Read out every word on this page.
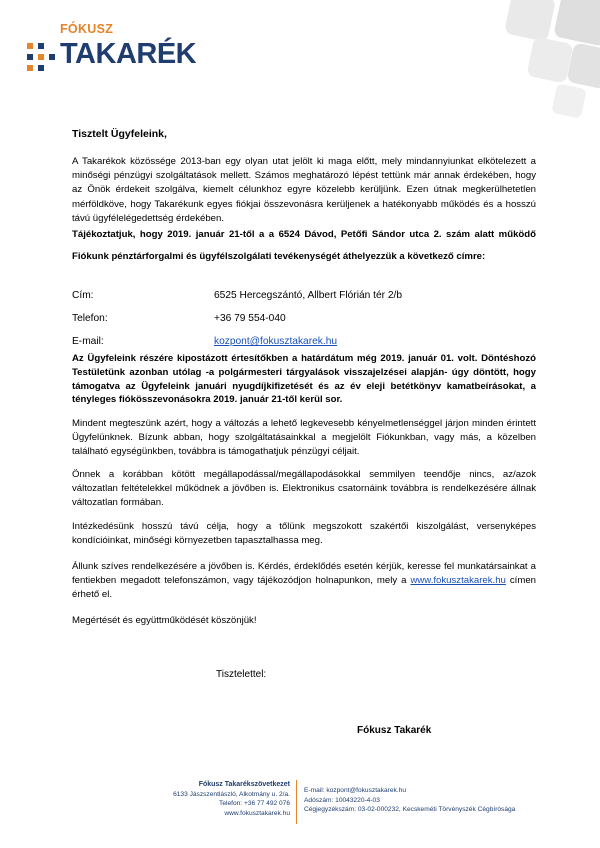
FÓKUSZ
TAKARÉK
Tisztelt Ügyfeleink,
A Takarékok közössége 2013-ban egy olyan utat jelölt ki maga előtt, mely mindannyiunkat elkötelezett a minőségi pénzügyi szolgáltatások mellett. Számos meghatározó lépést tettünk már annak érdekében, hogy az Önök érdekeit szolgálva, kiemelt célunkhoz egyre közelebb kerüljünk. Ezen útnak megkerülhetetlen mérföldköve, hogy Takarékunk egyes fiókjai összevonásra kerüljenek a hatékonyabb működés és a hosszú távú ügyfélelégedettség érdekében.
Tájékoztatjuk, hogy 2019. január 21-től a a 6524 Dávod, Petőfi Sándor utca 2. szám alatt működő Fiókunk pénztárforgalmi és ügyfélszolgálati tevékenységét áthelyezzük a következő címre:
Cím:	6525 Hercegszántó, Allbert Flórián tér 2/b
Telefon:	+36 79 554-040
E-mail:	kozpont@fokusztakarek.hu
Az Ügyfeleink részére kipostázott értesítőkben a határdátum még 2019. január 01. volt. Döntéshozó Testületünk azonban utólag -a polgármesteri tárgyalások visszajelzései alapján- úgy döntött, hogy támogatva az Ügyfeleink januári nyugdíjkifizetését és az év eleji betétkönyv kamatbeírásokat, a tényleges fiókösszevonásokra 2019. január 21-től kerül sor.
Mindent megteszünk azért, hogy a változás a lehető legkevesebb kényelmetlenséggel járjon minden érintett Ügyfelünknek. Bízunk abban, hogy szolgáltatásainkkal a megjelölt Fiókunkban, vagy más, a közelben található egységünkben, továbbra is támogathatjuk pénzügyi céljait.
Önnek a korábban kötött megállapodással/megállapodásokkal semmilyen teendője nincs, az/azok változatlan feltételekkel működnek a jövőben is. Elektronikus csatornáink továbbra is rendelkezésére állnak változatlan formában.
Intézkedésünk hosszú távú célja, hogy a tőlünk megszokott szakértői kiszolgálást, versenyképes kondícióinkat, minőségi környezetben tapasztalhassa meg.
Állunk szíves rendelkezésére a jövőben is. Kérdés, érdeklődés esetén kérjük, keresse fel munkatársainkat a fentiekben megadott telefonszámon, vagy tájékozódjon holnapunkon, mely a www.fokusztakarek.hu címen érhető el.
Megértését és együttműködését köszönjük!
Tisztelettel:
Fókusz Takarék
Fókusz Takarékszövetkezet
6133 Jászszentlászló, Alkotmány u. 2/a.
Telefon: +36 77 492 076
www.fokusztakarek.hu
E-mail: kozpont@fokusztakarek.hu
Adószám: 10043220-4-03
Cégjegyzékszám: 03-02-000232, Kecskeméti Törvényszék Cégbírósága
